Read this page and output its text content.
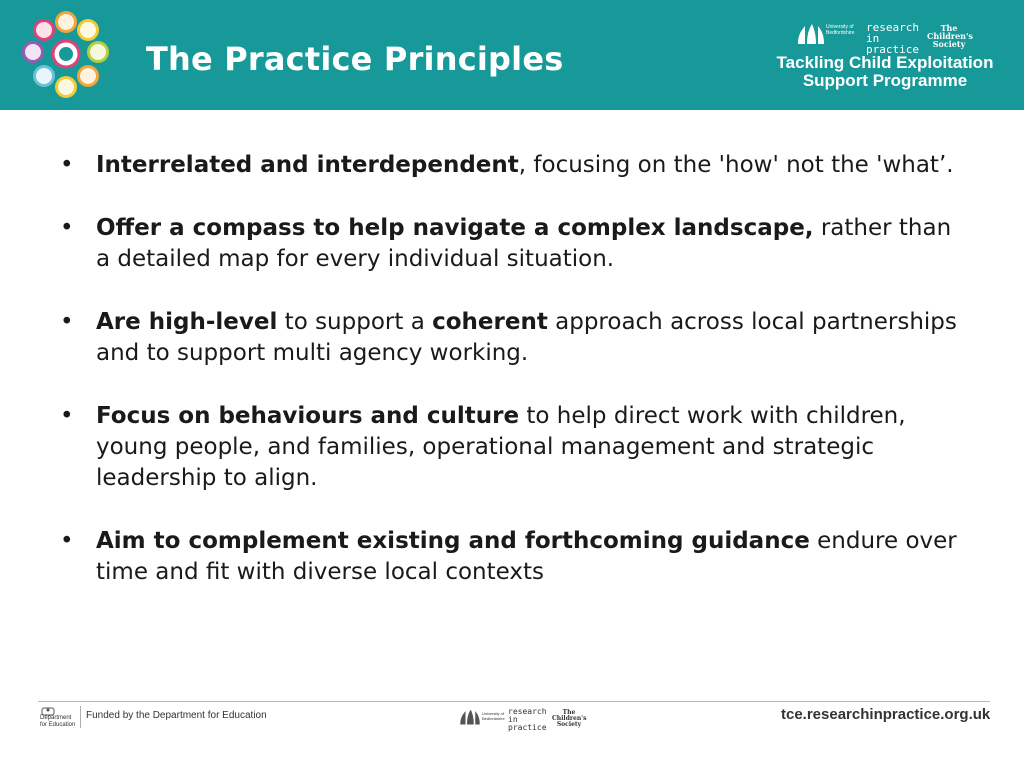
The Practice Principles
University of Bedfordshire	research in practice
The Children's Society
Tackling Child Exploitation
Support Programme
• Interrelated and interdependent, focusing on the 'how' not the 'what’.
• Offer a compass to help navigate a complex landscape, rather than a detailed map for every individual situation.
• Are high-level to support a coherent approach across local partnerships and to support multi agency working.
• Focus on behaviours and culture to help direct work with children, young people, and families, operational management and strategic leadership to align.
• Aim to complement existing and forthcoming guidance endure over time and fit with diverse local contexts
Department for Education
Funded by the Department for Education	University of Bedfordshire
research in practice
The Children's Society
tce.researchinpractice.org.uk
